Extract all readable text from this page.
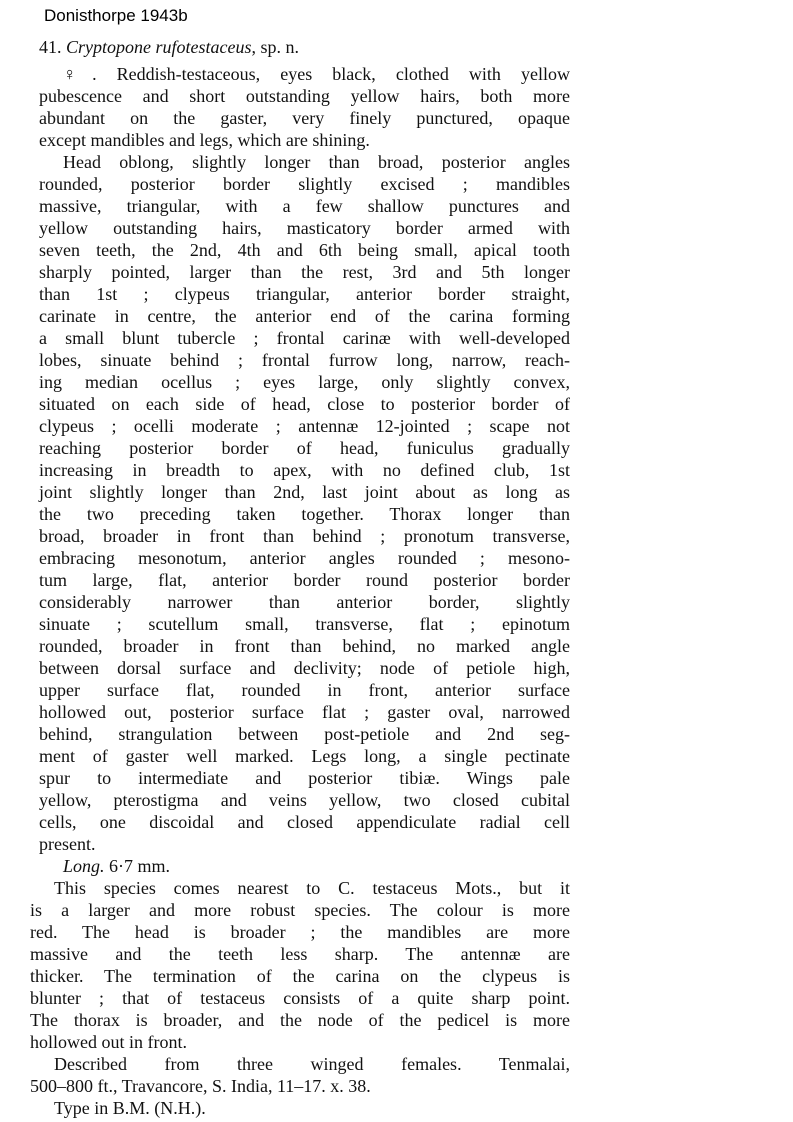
Donisthorpe 1943b
41. Cryptopone rufotestaceus, sp. n.
♀. Reddish-testaceous, eyes black, clothed with yellow
pubescence and short outstanding yellow hairs, both more
abundant on the gaster, very finely punctured, opaque
except mandibles and legs, which are shining.
Head oblong, slightly longer than broad, posterior angles
rounded, posterior border slightly excised ; mandibles
massive, triangular, with a few shallow punctures and
yellow outstanding hairs, masticatory border armed with
seven teeth, the 2nd, 4th and 6th being small, apical tooth
sharply pointed, larger than the rest, 3rd and 5th longer
than 1st ; clypeus triangular, anterior border straight,
carinate in centre, the anterior end of the carina forming
a small blunt tubercle ; frontal carinæ with well-developed
lobes, sinuate behind ; frontal furrow long, narrow, reach-
ing median ocellus ; eyes large, only slightly convex,
situated on each side of head, close to posterior border of
clypeus ; ocelli moderate ; antennæ 12-jointed ; scape not
reaching posterior border of head, funiculus gradually
increasing in breadth to apex, with no defined club, 1st
joint slightly longer than 2nd, last joint about as long as
the two preceding taken together. Thorax longer than
broad, broader in front than behind ; pronotum transverse,
embracing mesonotum, anterior angles rounded ; mesono-
tum large, flat, anterior border round posterior border
considerably narrower than anterior border, slightly
sinuate ; scutellum small, transverse, flat ; epinotum
rounded, broader in front than behind, no marked angle
between dorsal surface and declivity; node of petiole high,
upper surface flat, rounded in front, anterior surface
hollowed out, posterior surface flat ; gaster oval, narrowed
behind, strangulation between post-petiole and 2nd seg-
ment of gaster well marked. Legs long, a single pectinate
spur to intermediate and posterior tibiæ. Wings pale
yellow, pterostigma and veins yellow, two closed cubital
cells, one discoidal and closed appendiculate radial cell
present.
Long. 6·7 mm.
This species comes nearest to C. testaceus Mots., but it
is a larger and more robust species. The colour is more
red. The head is broader ; the mandibles are more
massive and the teeth less sharp. The antennæ are
thicker. The termination of the carina on the clypeus is
blunter ; that of testaceus consists of a quite sharp point.
The thorax is broader, and the node of the pedicel is more
hollowed out in front.
Described from three winged females. Tenmalai,
500–800 ft., Travancore, S. India, 11–17. x. 38.
Type in B.M. (N.H.).
